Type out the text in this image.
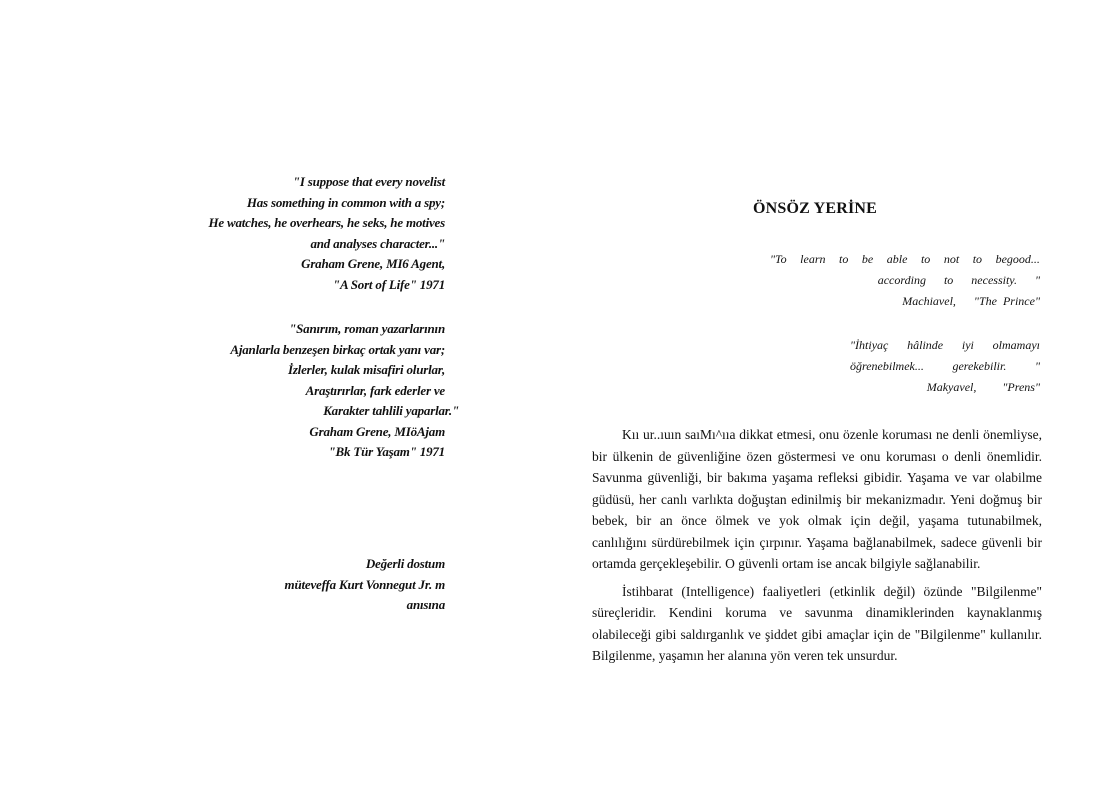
"I suppose that every novelist
Has something in common with a spy;
He watches, he overhears, he seks, he motives
and analyses character..."
Graham Grene, MI6 Agent,
"A Sort of Life" 1971
"Sanırım, roman yazarlarının
Ajanlarla benzeşen birkaç ortak yanı var;
İzlerler, kulak misafiri olurlar,
Araştırırlar, fark ederler ve
Karakter tahlili yaparlar."
Graham Grene, MIöAjam
"Bk Tür Yaşam" 1971
Değerli dostum
müteveffa Kurt Vonnegut Jr. m
anısına
ÖNSÖZ YERİNE
"To learn to be able to not to begood...
according to necessity. "
Machiavel, "The Prince"
"İhtiyaç hâlinde iyi olmamayı
öğrenebilmek... gerekebilir. "
Makyavel, "Prens"

Kıı ur..ıuın saıMı^ııa dikkat etmesi, onu özenle koruması ne denli önemliyse, bir ülkenin de güvenliğine özen göstermesi ve onu koruması o denli önemlidir. Savunma güvenliği, bir bakıma yaşama refleksi gibidir. Yaşama ve var olabilme güdüsü, her canlı varlıkta doğuştan edinilmiş bir mekanizmadır. Yeni doğmuş bir bebek, bir an önce ölmek ve yok olmak için değil, yaşama tutunabilmek, canlılığını sürdürebilmek için çırpınır. Yaşama bağlanabilmek, sadece güvenli bir ortamda gerçekleşebilir. O güvenli ortam ise ancak bilgiyle sağlanabilir.

İstihbarat (Intelligence) faaliyetleri (etkinlik değil) özünde "Bilgilenme" süreçleridir. Kendini koruma ve savunma dinamiklerinden kaynaklanmış olabileceği gibi saldırganlık ve şiddet gibi amaçlar için de "Bilgilenme" kullanılır. Bilgilenme, yaşamın her alanına yön veren tek unsurdur.
